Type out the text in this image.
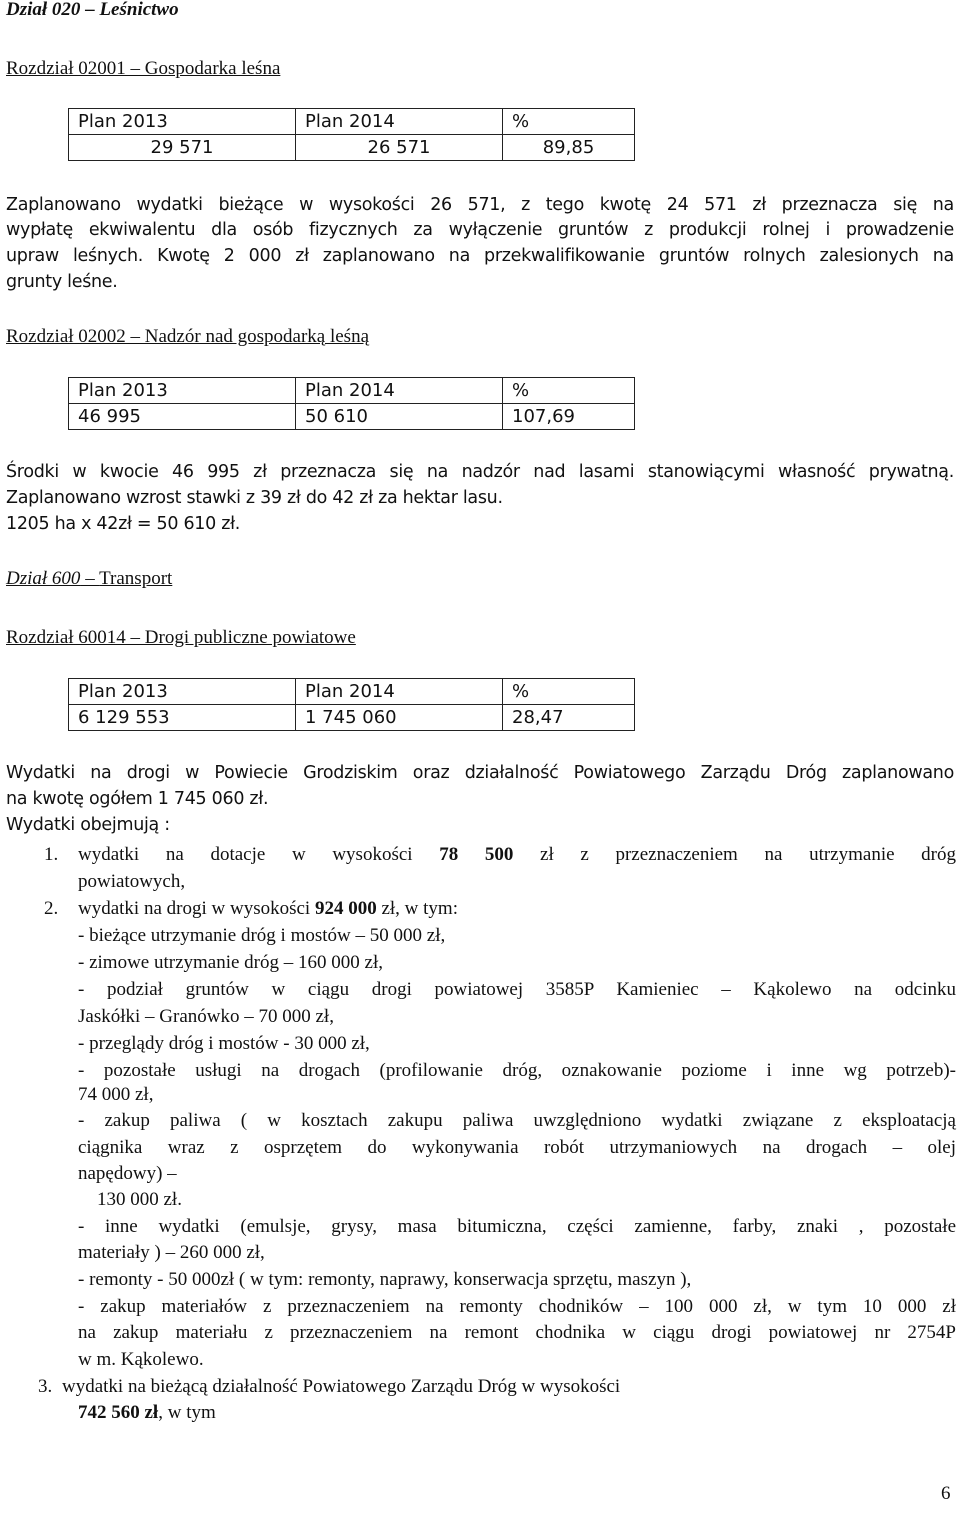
Dział 020 – Leśnictwo
Rozdział 02001 – Gospodarka leśna
Plan 2013	Plan 2014	%
29 571	26 571	89,85
Zaplanowano wydatki bieżące w wysokości 26 571, z tego kwotę 24 571 zł przeznacza się na
wypłatę ekwiwalentu dla osób fizycznych za wyłączenie gruntów z produkcji rolnej i prowadzenie
upraw leśnych. Kwotę 2 000 zł zaplanowano na przekwalifikowanie gruntów rolnych zalesionych na
grunty leśne.
Rozdział 02002 – Nadzór nad gospodarką leśną
Plan 2013	Plan 2014	%
46 995	50 610	107,69
Środki w kwocie 46 995 zł przeznacza się na nadzór nad lasami stanowiącymi własność prywatną.
Zaplanowano wzrost stawki z 39 zł do 42 zł za hektar lasu.
1205 ha x 42zł = 50 610 zł.
Dział 600 – Transport
Rozdział 60014 – Drogi publiczne powiatowe
Plan 2013	Plan 2014	%
6 129 553	1 745 060	28,47
Wydatki na drogi w Powiecie Grodziskim oraz działalność Powiatowego Zarządu Dróg zaplanowano
na kwotę ogółem 1 745 060 zł.
Wydatki obejmują :
1. wydatki na dotacje w wysokości 78 500 zł z przeznaczeniem na utrzymanie dróg
powiatowych,
2. wydatki na drogi w wysokości 924 000 zł, w tym:
- bieżące utrzymanie dróg i mostów – 50 000 zł,
- zimowe utrzymanie dróg – 160 000 zł,
- podział gruntów w ciągu drogi powiatowej 3585P Kamieniec – Kąkolewo na odcinku
Jaskółki – Granówko – 70 000 zł,
- przeglądy dróg i mostów - 30 000 zł,
- pozostałe usługi na drogach (profilowanie dróg, oznakowanie poziome i inne wg potrzeb)-
74 000 zł,
- zakup paliwa ( w kosztach zakupu paliwa uwzględniono wydatki związane z eksploatacją
ciągnika wraz z osprzętem do wykonywania robót utrzymaniowych na drogach – olej
napędowy) –
130 000 zł.
- inne wydatki (emulsje, grysy, masa bitumiczna, części zamienne, farby, znaki , pozostałe
materiały ) – 260 000 zł,
- remonty - 50 000zł ( w tym: remonty, naprawy, konserwacja sprzętu, maszyn ),
- zakup materiałów z przeznaczeniem na remonty chodników – 100 000 zł, w tym 10 000 zł
na zakup materiału z przeznaczeniem na remont chodnika w ciągu drogi powiatowej nr 2754P
w m. Kąkolewo.
3. wydatki na bieżącą działalność Powiatowego Zarządu Dróg w wysokości
742 560 zł, w tym
6
